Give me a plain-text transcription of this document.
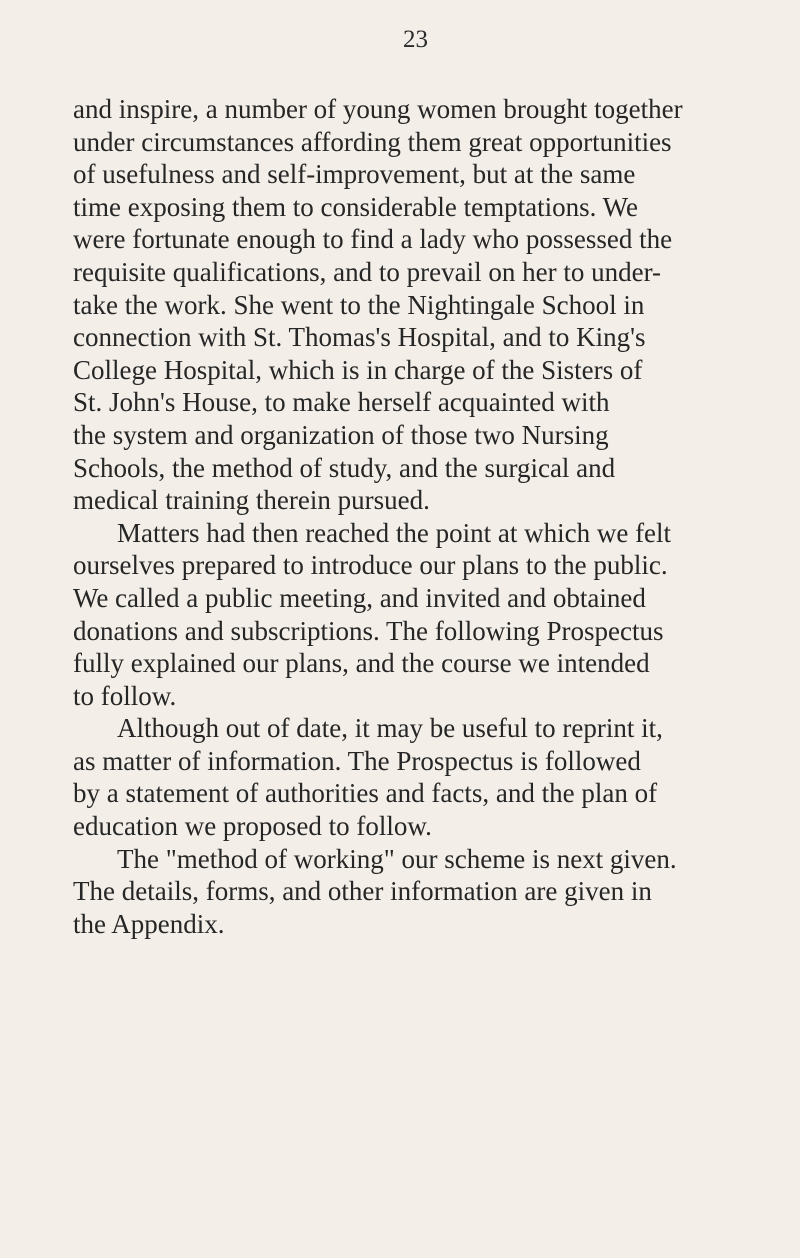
23
and inspire, a number of young women brought together
under circumstances affording them great opportunities
of usefulness and self-improvement, but at the same
time exposing them to considerable temptations. We
were fortunate enough to find a lady who possessed the
requisite qualifications, and to prevail on her to under-
take the work. She went to the Nightingale School in
connection with St. Thomas's Hospital, and to King's
College Hospital, which is in charge of the Sisters of
St. John's House, to make herself acquainted with
the system and organization of those two Nursing
Schools, the method of study, and the surgical and
medical training therein pursued.
Matters had then reached the point at which we felt
ourselves prepared to introduce our plans to the public.
We called a public meeting, and invited and obtained
donations and subscriptions. The following Prospectus
fully explained our plans, and the course we intended
to follow.
Although out of date, it may be useful to reprint it,
as matter of information. The Prospectus is followed
by a statement of authorities and facts, and the plan of
education we proposed to follow.
The "method of working" our scheme is next given.
The details, forms, and other information are given in
the Appendix.
